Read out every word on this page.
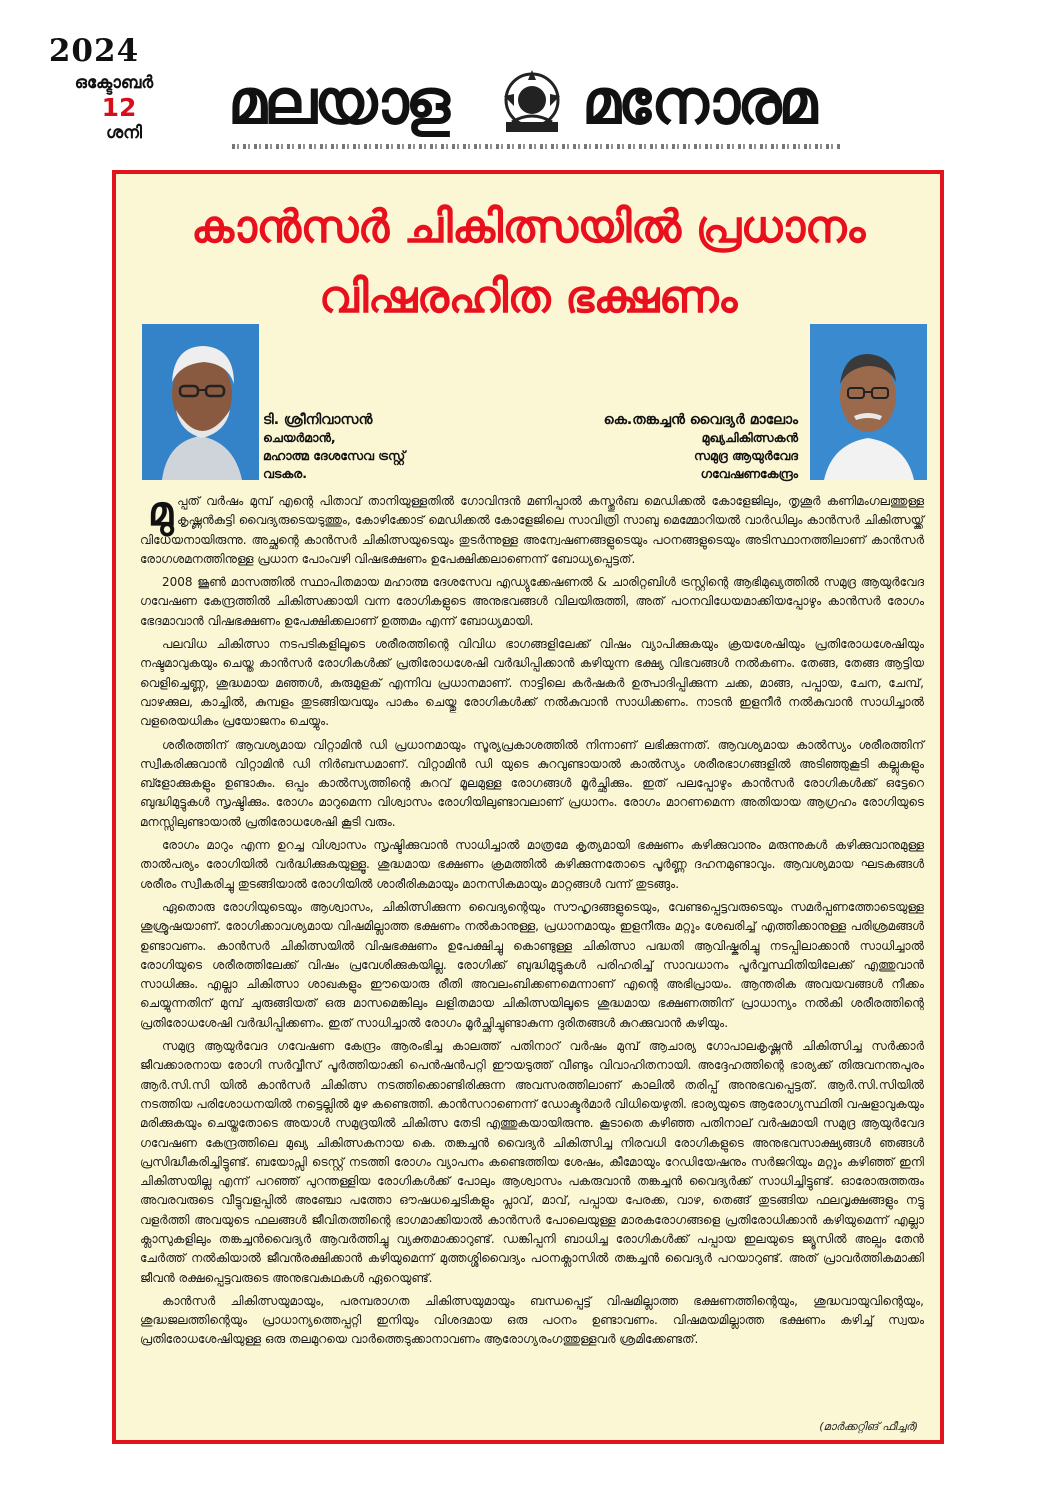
2024
ഒക്ടോബർ
12
ശനി	മലയാള മനോരമ
കാൻസർ ചികിത്സയിൽ പ്രധാനം
വിഷരഹിത ഭക്ഷണം
ടി. ശ്രീനിവാസൻ
ചെയർമാൻ,
മഹാത്മ ദേശസേവ ട്രസ്റ്റ്
വടകര.
കെ.തങ്കച്ചൻ വൈദ്യർ മാലോം
മുഖ്യചികിത്സകൻ
സമുദ്ര ആയുർവേദ
ഗവേഷണകേന്ദ്രം

മുപ്പത് വർഷം മുമ്പ് എന്റെ പിതാവ് താനിയുള്ളതിൽ ഗോവിന്ദൻ മണിപ്പാൽ കസ്തൂർബ മെഡിക്കൽ കോളേജിലും, തൃശൂർ കണിമംഗലത്തുള്ള കൃഷ്ണൻകുട്ടി വൈദ്യരുടെയടുത്തും, കോഴിക്കോട് മെഡിക്കൽ കോളേജിലെ സാവിത്രി സാബു മെമ്മോറിയൽ വാർഡിലും കാൻസർ ചികിത്സയ്ക്ക് വിധേയനായിരുന്നു. അച്ഛന്റെ കാൻസർ ചികിത്സയുടെയും തുടർന്നുള്ള അന്വേഷണങ്ങളുടെയും പഠനങ്ങളുടെയും അടിസ്ഥാനത്തിലാണ് കാൻസർ രോഗശമനത്തിനുള്ള പ്രധാന പോംവഴി വിഷഭക്ഷണം ഉപേക്ഷിക്കലാണെന്ന് ബോധ്യപ്പെട്ടത്.

2008 ജൂൺ മാസത്തിൽ സ്ഥാപിതമായ മഹാത്മ ദേശസേവ എഡ്യുക്കേഷണൽ & ചാരിറ്റബിൾ ട്രസ്റ്റിന്റെ ആഭിമുഖ്യത്തിൽ സമുദ്ര ആയുർവേദ ഗവേഷണ കേന്ദ്രത്തിൽ ചികിത്സക്കായി വന്ന രോഗികളുടെ അനുഭവങ്ങൾ വിലയിരുത്തി, അത് പഠനവിധേയമാക്കിയപ്പോഴും കാൻസർ രോഗം ഭേദമാവാൻ വിഷഭക്ഷണം ഉപേക്ഷിക്കലാണ് ഉത്തമം എന്ന് ബോധ്യമായി.

പലവിധ ചികിത്സാ നടപടികളിലൂടെ ശരീരത്തിന്റെ വിവിധ ഭാഗങ്ങളിലേക്ക് വിഷം വ്യാപിക്കുകയും ക്രയശേഷിയും പ്രതിരോധശേഷിയും നഷ്ടമാവുകയും ചെയ്ത കാൻസർ രോഗികൾക്ക് പ്രതിരോധശേഷി വർദ്ധിപ്പിക്കാൻ കഴിയുന്ന ഭക്ഷ്യ വിഭവങ്ങൾ നൽകണം. തേങ്ങ, തേങ്ങ ആട്ടിയ വെളിച്ചെണ്ണ, ശുദ്ധമായ മഞ്ഞൾ, കുരുമുളക് എന്നിവ പ്രധാനമാണ്. നാട്ടിലെ കർഷകർ ഉത്പാദിപ്പിക്കുന്ന ചക്ക, മാങ്ങ, പപ്പായ, ചേന, ചേമ്പ്, വാഴക്കുല, കാച്ചിൽ, കുമ്പളം തുടങ്ങിയവയും പാകം ചെയ്തു രോഗികൾക്ക് നൽകുവാൻ സാധിക്കണം. നാടൻ ഇളനീർ നൽകുവാൻ സാധിച്ചാൽ വളരെയധികം പ്രയോജനം ചെയ്യും.

ശരീരത്തിന് ആവശ്യമായ വിറ്റാമിൻ ഡി പ്രധാനമായും സൂര്യപ്രകാശത്തിൽ നിന്നാണ് ലഭിക്കുന്നത്. ആവശ്യമായ കാൽസ്യം ശരീരത്തിന് സ്വീകരിക്കുവാൻ വിറ്റാമിൻ ഡി നിർബന്ധമാണ്. വിറ്റാമിൻ ഡി യുടെ കുറവുണ്ടായാൽ കാൽസ്യം ശരീരഭാഗങ്ങളിൽ അടിഞ്ഞുകൂടി കല്ലുകളും ബ്ളോക്കുകളും ഉണ്ടാകും. ഒപ്പം കാൽസ്യത്തിന്റെ കുറവ് മൂലമുള്ള രോഗങ്ങൾ മൂർച്ഛിക്കും. ഇത് പലപ്പോഴും കാൻസർ രോഗികൾക്ക് ഒട്ടേറെ ബുദ്ധിമുട്ടുകൾ സൃഷ്ടിക്കും. രോഗം മാറുമെന്ന വിശ്വാസം രോഗിയിലുണ്ടാവലാണ് പ്രധാനം. രോഗം മാറണമെന്ന അതിയായ ആഗ്രഹം രോഗിയുടെ മനസ്സിലുണ്ടായാൽ പ്രതിരോധശേഷി കൂടി വരും.

രോഗം മാറും എന്ന ഉറച്ച വിശ്വാസം സൃഷ്ടിക്കുവാൻ സാധിച്ചാൽ മാത്രമേ കൃത്യമായി ഭക്ഷണം കഴിക്കുവാനും മരുന്നുകൾ കഴിക്കുവാനുമുള്ള താൽപര്യം രോഗിയിൽ വർദ്ധിക്കുകയുള്ളൂ. ശുദ്ധമായ ഭക്ഷണം ക്രമത്തിൽ കഴിക്കുന്നതോടെ പൂർണ്ണ ദഹനമുണ്ടാവും. ആവശ്യമായ ഘടകങ്ങൾ ശരീരം സ്വീകരിച്ചു തുടങ്ങിയാൽ രോഗിയിൽ ശാരീരികമായും മാനസികമായും മാറ്റങ്ങൾ വന്ന് തുടങ്ങും.

ഏതൊരു രോഗിയുടെയും ആശ്വാസം, ചികിത്സിക്കുന്ന വൈദ്യന്റെയും സൗഹൃദങ്ങളുടെയും, വേണ്ടപ്പെട്ടവരുടെയും സമർപ്പണത്തോടെയുള്ള ശുശ്രൂഷയാണ്. രോഗിക്കാവശ്യമായ വിഷമില്ലാത്ത ഭക്ഷണം നൽകാനുള്ള, പ്രധാനമായും ഇളനീരും മറ്റും ശേഖരിച്ച് എത്തിക്കാനുള്ള പരിശ്രമങ്ങൾ ഉണ്ടാവണം. കാൻസർ ചികിത്സയിൽ വിഷഭക്ഷണം ഉപേക്ഷിച്ചു കൊണ്ടുള്ള ചികിത്സാ പദ്ധതി ആവിഷ്കരിച്ചു നടപ്പിലാക്കാൻ സാധിച്ചാൽ രോഗിയുടെ ശരീരത്തിലേക്ക് വിഷം പ്രവേശിക്കുകയില്ല. രോഗിക്ക് ബുദ്ധിമുട്ടുകൾ പരിഹരിച്ച് സാവധാനം പൂർവ്വസ്ഥിതിയിലേക്ക് എത്തുവാൻ സാധിക്കും. എല്ലാ ചികിത്സാ ശാഖകളും ഈയൊരു രീതി അവലംബിക്കണമെന്നാണ് എന്റെ അഭിപ്രായം. ആന്തരിക അവയവങ്ങൾ നീക്കം ചെയ്യുന്നതിന് മുമ്പ് ചുരുങ്ങിയത് ഒരു മാസമെങ്കിലും ലളിതമായ ചികിത്സയിലൂടെ ശുദ്ധമായ ഭക്ഷണത്തിന് പ്രാധാന്യം നൽകി ശരീരത്തിന്റെ പ്രതിരോധശേഷി വർദ്ധിപ്പിക്കണം. ഇത് സാധിച്ചാൽ രോഗം മൂർച്ഛിച്ചുണ്ടാകുന്ന ദുരിതങ്ങൾ കുറക്കുവാൻ കഴിയും.

സമുദ്ര ആയുർവേദ ഗവേഷണ കേന്ദ്രം ആരംഭിച്ച കാലത്ത് പതിനാറ് വർഷം മുമ്പ് ആചാര്യ ഗോപാലകൃഷ്ണൻ ചികിത്സിച്ച സർക്കാർ ജീവക്കാരനായ രോഗി സർവ്വീസ് പൂർത്തിയാക്കി പെൻഷൻപറ്റി ഈയടുത്ത് വീണ്ടും വിവാഹിതനായി. അദ്ദേഹത്തിന്റെ ഭാര്യക്ക് തിരുവനന്തപുരം ആർ.സി.സി യിൽ കാൻസർ ചികിത്സ നടത്തിക്കൊണ്ടിരിക്കുന്ന അവസരത്തിലാണ് കാലിൽ തരിപ്പ് അനുഭവപ്പെട്ടത്. ആർ.സി.സിയിൽ നടത്തിയ പരിശോധനയിൽ നട്ടെല്ലിൽ മുഴ കണ്ടെത്തി. കാൻസറാണെന്ന് ഡോക്ടർമാർ വിധിയെഴുതി. ഭാര്യയുടെ ആരോഗ്യസ്ഥിതി വഷളാവുകയും മരിക്കുകയും ചെയ്തതോടെ അയാൾ സമുദ്രയിൽ ചികിത്സ തേടി എത്തുകയായിരുന്നു. കൂടാതെ കഴിഞ്ഞ പതിനാല് വർഷമായി സമുദ്ര ആയുർവേദ ഗവേഷണ കേന്ദ്രത്തിലെ മുഖ്യ ചികിത്സകനായ കെ. തങ്കച്ചൻ വൈദ്യർ ചികിത്സിച്ച നിരവധി രോഗികളുടെ അനുഭവസാക്ഷ്യങ്ങൾ ഞങ്ങൾ പ്രസിദ്ധീകരിച്ചിട്ടുണ്ട്. ബയോപ്സി ടെസ്റ്റ് നടത്തി രോഗം വ്യാപനം കണ്ടെത്തിയ ശേഷം, കീമോയും റേഡിയേഷനും സർജറിയും മറ്റും കഴിഞ്ഞ് ഇനി ചികിത്സയില്ല എന്ന് പറഞ്ഞ് പുറന്തള്ളിയ രോഗികൾക്ക് പോലും ആശ്വാസം പകരുവാൻ തങ്കച്ചൻ വൈദ്യർക്ക് സാധിച്ചിട്ടുണ്ട്. ഓരോരുത്തരും അവരവരുടെ വീട്ടുവളപ്പിൽ അഞ്ചോ പത്തോ ഔഷധച്ചെടികളും പ്ലാവ്, മാവ്, പപ്പായ പേരക്ക, വാഴ, തെങ്ങ് തുടങ്ങിയ ഫലവൃക്ഷങ്ങളും നട്ടു വളർത്തി അവയുടെ ഫലങ്ങൾ ജീവിതത്തിന്റെ ഭാഗമാക്കിയാൽ കാൻസർ പോലെയുള്ള മാരകരോഗങ്ങളെ പ്രതിരോധിക്കാൻ കഴിയുമെന്ന് എല്ലാ ക്ലാസുകളിലും തങ്കച്ചൻവൈദ്യർ ആവർത്തിച്ചു വ്യക്തമാക്കാറുണ്ട്. ഡങ്കിപ്പനി ബാധിച്ച രോഗികൾക്ക് പപ്പായ ഇലയുടെ ജ്യൂസിൽ അല്പം തേൻ ചേർത്ത് നൽകിയാൽ ജീവൻരക്ഷിക്കാൻ കഴിയുമെന്ന് മുത്തശ്ശിവൈദ്യം പഠനക്ലാസിൽ തങ്കച്ചൻ വൈദ്യർ പറയാറുണ്ട്. അത് പ്രാവർത്തികമാക്കി ജീവൻ രക്ഷപ്പെട്ടവരുടെ അനുഭവകഥകൾ ഏറെയുണ്ട്.

കാൻസർ ചികിത്സയുമായും, പരമ്പരാഗത ചികിത്സയുമായും ബന്ധപ്പെട്ട് വിഷമില്ലാത്ത ഭക്ഷണത്തിന്റെയും, ശുദ്ധവായുവിന്റെയും, ശുദ്ധജലത്തിന്റെയും പ്രാധാന്യത്തെപ്പറ്റി ഇനിയും വിശദമായ ഒരു പഠനം ഉണ്ടാവണം. വിഷമയമില്ലാത്ത ഭക്ഷണം കഴിച്ച് സ്വയം പ്രതിരോധശേഷിയുള്ള ഒരു തലമുറയെ വാർത്തെടുക്കാനാവണം ആരോഗ്യരംഗത്തുള്ളവർ ശ്രമിക്കേണ്ടത്.

(മാർക്കറ്റിങ് ഫീച്ചർ)
